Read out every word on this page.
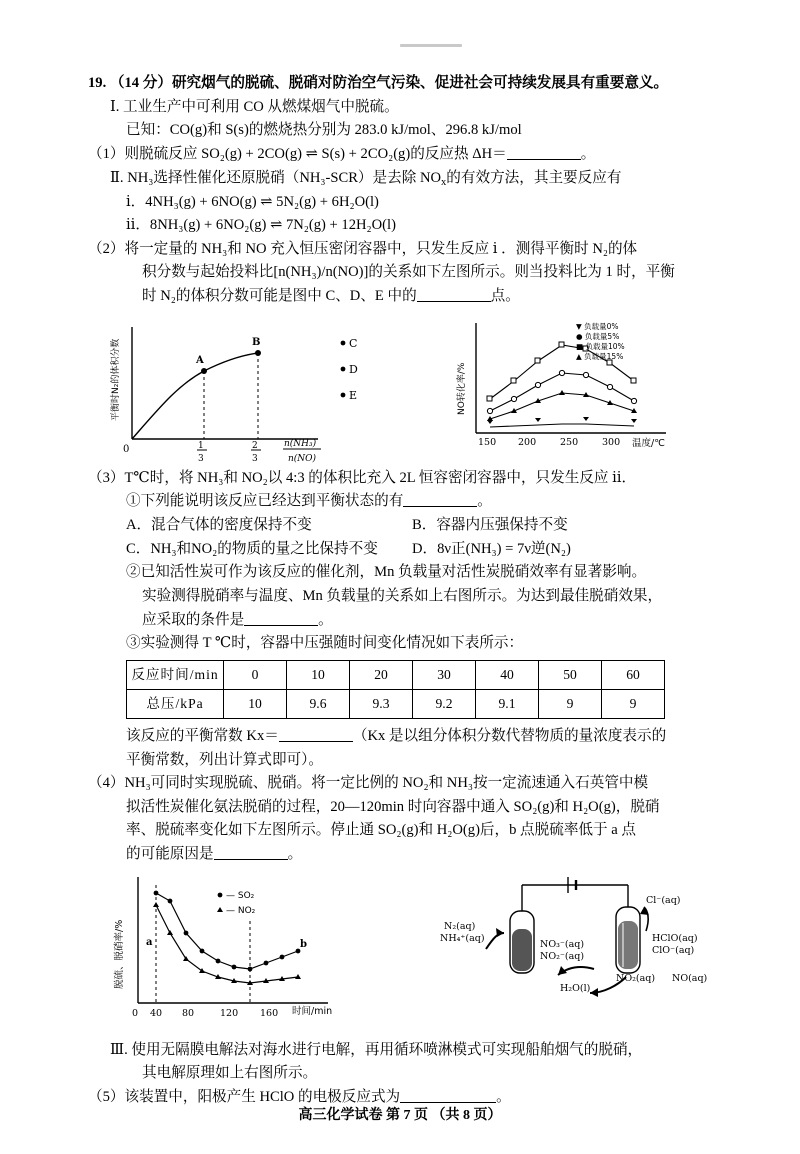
19. （14 分）研究烟气的脱硫、脱硝对防治空气污染、促进社会可持续发展具有重要意义。
Ⅰ. 工业生产中可利用 CO 从燃煤烟气中脱硫。
已知：CO(g)和 S(s)的燃烧热分别为 283.0 kJ/mol、296.8 kJ/mol
（1）则脱硫反应 SO₂(g) + 2CO(g) ⇌ S(s) + 2CO₂(g)的反应热 ΔH＝	。
Ⅱ. NH₃选择性催化还原脱硝（NH₃-SCR）是去除 $NO_x$的有效方法，其主要反应有
ⅰ．4NH₃(g) + 6NO(g) ⇌ 5N₂(g) + 6H₂O(l)
ⅱ．8NH₃(g) + 6NO₂(g) ⇌ 7N₂(g) + 12H₂O(l)
（2）将一定量的 NH₃和 NO 充入恒压密闭容器中，只发生反应 ⅰ ．测得平衡时 N₂的体
积分数与起始投料比[n(NH₃)/n(NO)]的关系如下左图所示。则当投料比为 1 时，平衡
时 N₂的体积分数可能是图中 C、D、E 中的	点。
平衡时N₂的体积分数	A
B
0	1
3
2
3
n(NH₃)
n(NO)
C
D
E	NO转化率/%
150 200	250	300 温度/℃
▼ 负载量0%
● 负载量5%
■ 负载量10%
▲ 负载量15%
（3）T℃时，将 NH₃和 NO₂以 4:3 的体积比充入 2L 恒容密闭容器中，只发生反应 ⅱ．
①下列能说明该反应已经达到平衡状态的有	。
A．混合气体的密度保持不变	B．容器内压强保持不变
C．NH₃和NO₂的物质的量之比保持不变	D．8ν正(NH₃) = 7ν逆(N₂)
②已知活性炭可作为该反应的催化剂，Mn 负载量对活性炭脱硝效率有显著影响。
实验测得脱硝率与温度、Mn 负载量的关系如上右图所示。为达到最佳脱硝效果，
应采取的条件是	。
③实验测得 T ℃时，容器中压强随时间变化情况如下表所示：
反应时间/min	0	10	20	30	40	50	60
总压/kPa	10	9.6	9.3	9.2	9.1	9	9
该反应的平衡常数 Kx＝	（Kx 是以组分体积分数代替物质的量浓度表示的
平衡常数，列出计算式即可）。
（4）NH₃可同时实现脱硫、脱硝。将一定比例的 NO₂和 NH₃按一定流速通入石英管中模
拟活性炭催化氨法脱硝的过程，20—120min 时向容器中通入 SO₂(g)和 H₂O(g)，脱硝
率、脱硫率变化如下左图所示。停止通 SO₂(g)和 H₂O(g)后，b 点脱硫率低于 a 点
的可能原因是	。
脱硫、脱硝率/% a	b
— SO₂
— NO₂
0 40 80	120 160 时间/min
N₂(aq)
NH₄⁺(aq)
NO₃⁻(aq)
NO₂⁻(aq)
Cl⁻(aq)
HClO(aq)
ClO⁻(aq)
H₂O(l)
NO₂(aq) NO(aq)
Ⅲ. 使用无隔膜电解法对海水进行电解，再用循环喷淋模式可实现船舶烟气的脱硝，
其电解原理如上右图所示。
（5）该装置中，阳极产生 HClO 的电极反应式为	。
高三化学试卷 第 7 页 （共 8 页）
